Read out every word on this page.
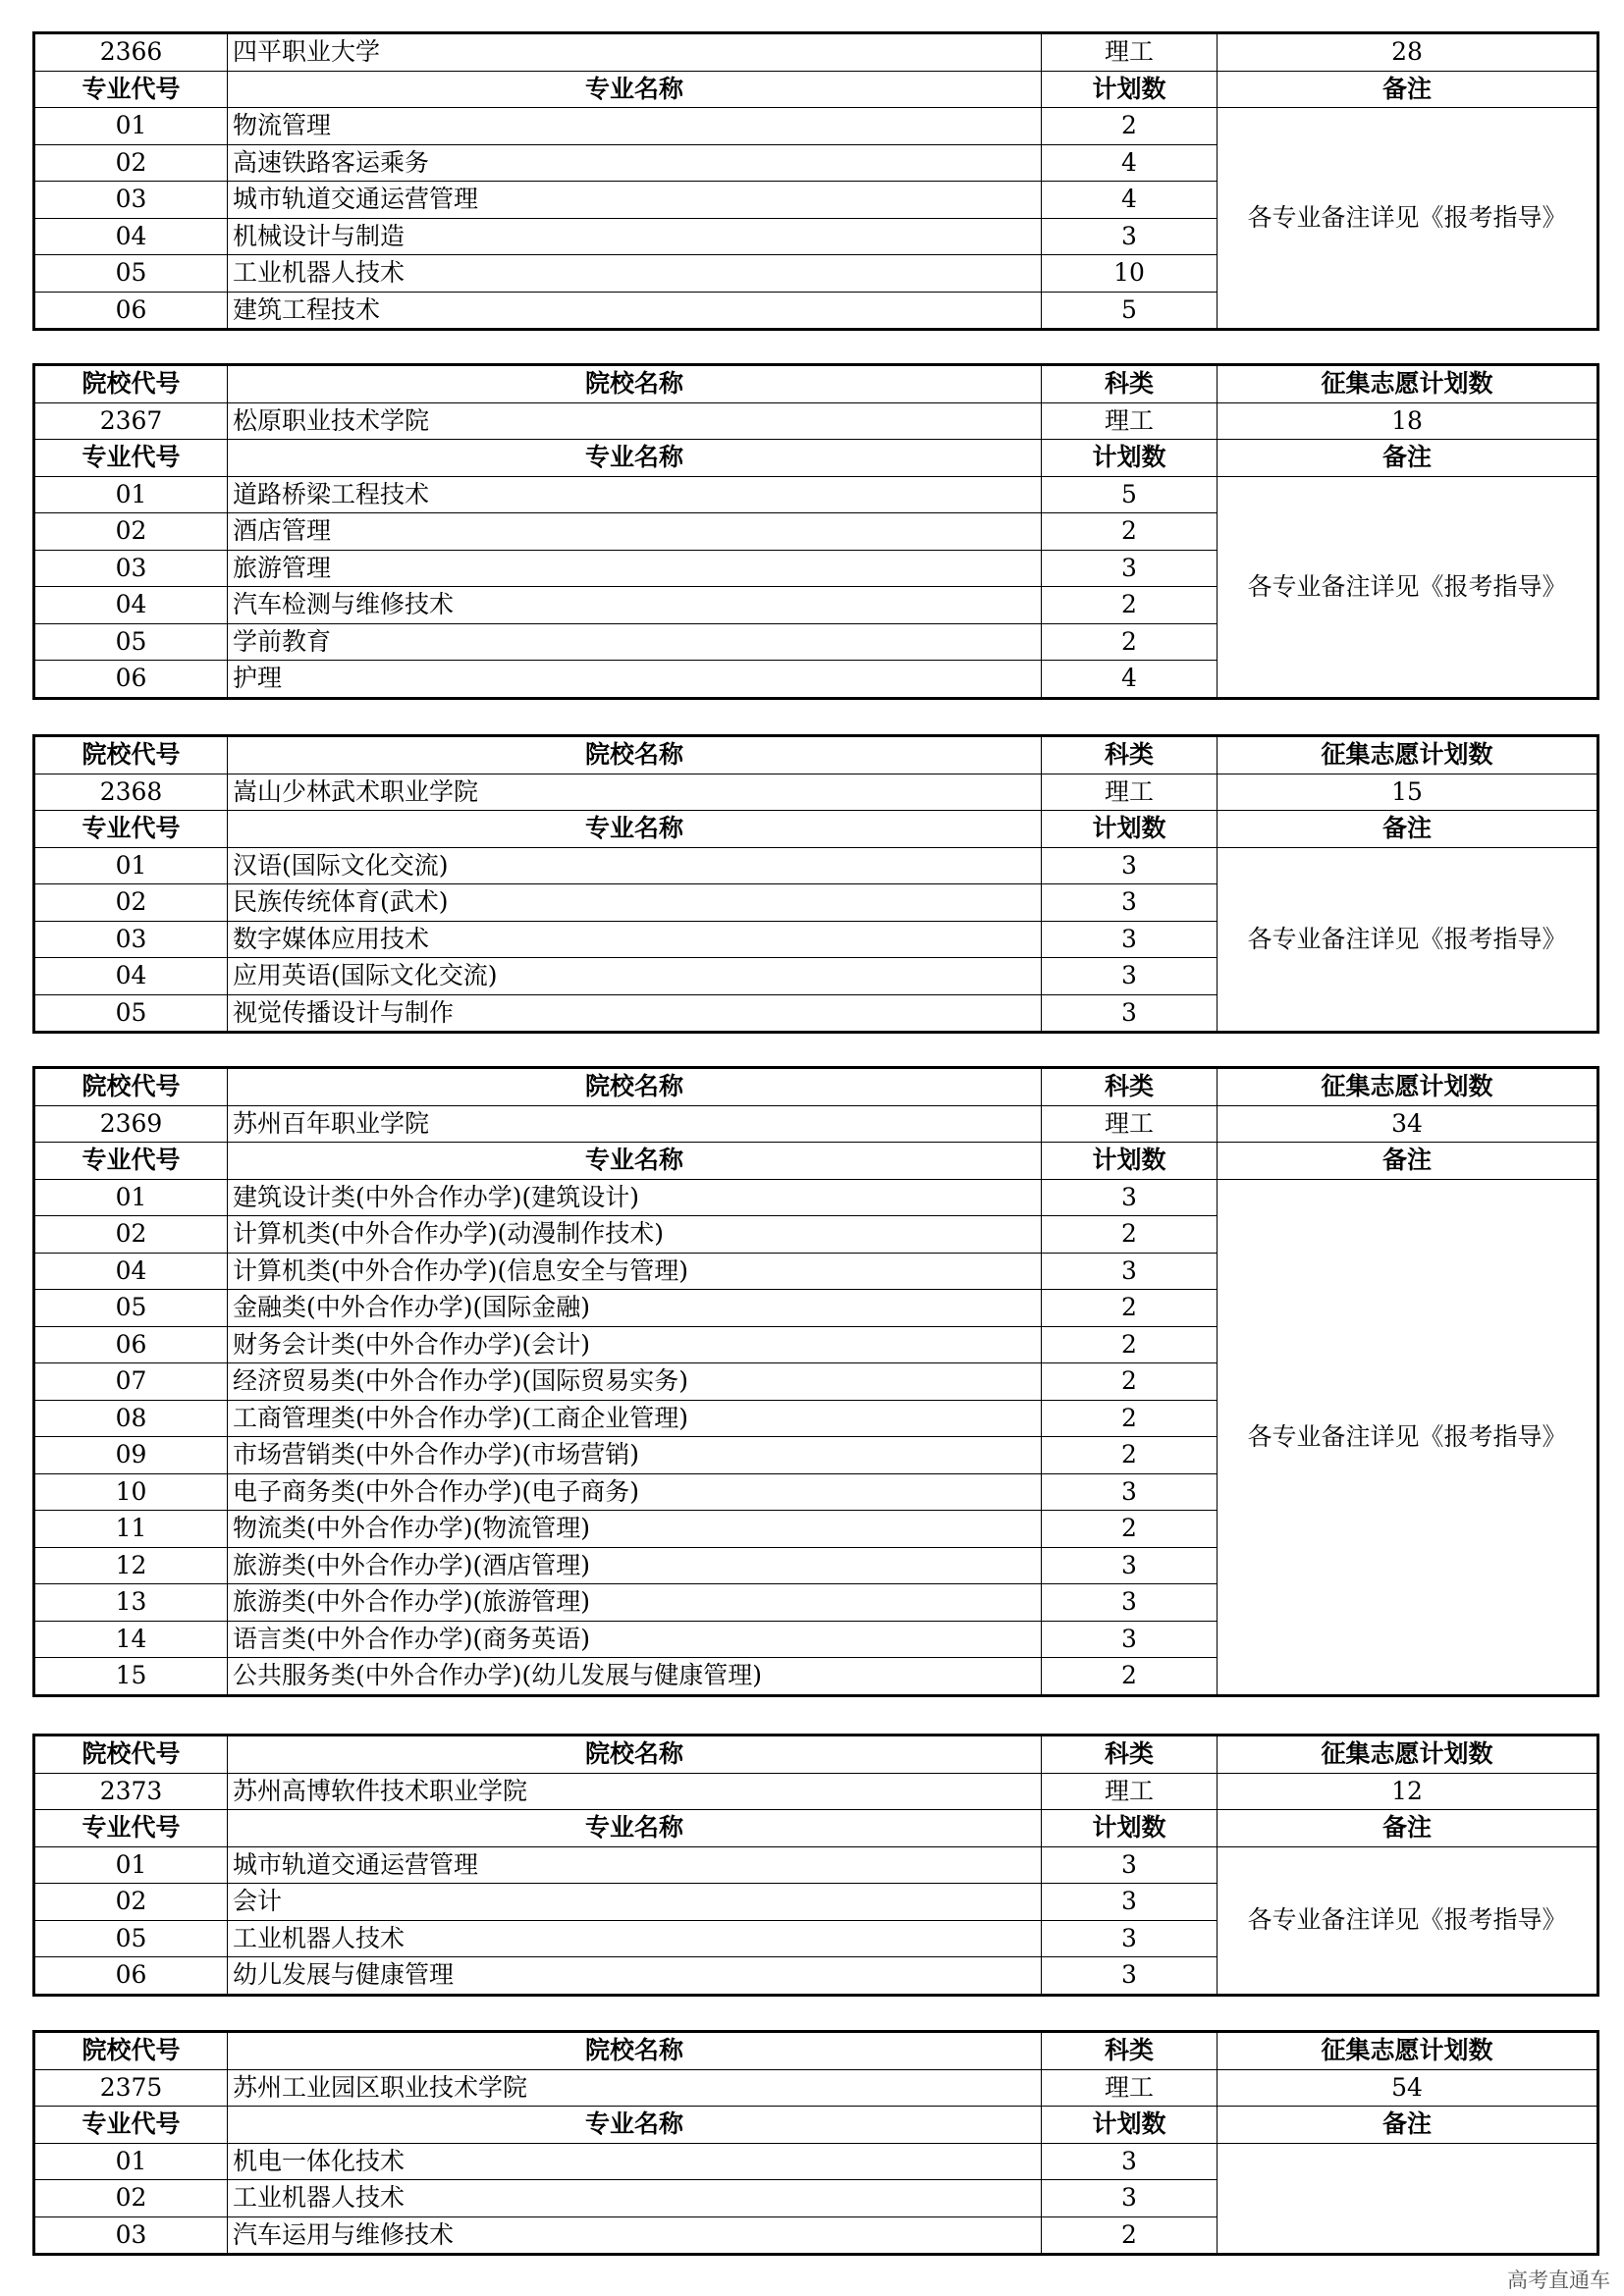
2366	四平职业大学	理工	28
专业代号	专业名称	计划数	备注
01	物流管理	2	各专业备注详见《报考指导》
02	高速铁路客运乘务	4	
03	城市轨道交通运营管理	4	
04	机械设计与制造	3	
05	工业机器人技术	10	
06	建筑工程技术	5	
院校代号	院校名称	科类	征集志愿计划数
2367	松原职业技术学院	理工	18
专业代号	专业名称	计划数	备注
01	道路桥梁工程技术	5	各专业备注详见《报考指导》
02	酒店管理	2	
03	旅游管理	3	
04	汽车检测与维修技术	2	
05	学前教育	2	
06	护理	4	
院校代号	院校名称	科类	征集志愿计划数
2368	嵩山少林武术职业学院	理工	15
专业代号	专业名称	计划数	备注
01	汉语(国际文化交流)	3	各专业备注详见《报考指导》
02	民族传统体育(武术)	3	
03	数字媒体应用技术	3	
04	应用英语(国际文化交流)	3	
05	视觉传播设计与制作	3	
院校代号	院校名称	科类	征集志愿计划数
2369	苏州百年职业学院	理工	34
专业代号	专业名称	计划数	备注
01	建筑设计类(中外合作办学)(建筑设计)	3	各专业备注详见《报考指导》
02	计算机类(中外合作办学)(动漫制作技术)	2	
04	计算机类(中外合作办学)(信息安全与管理)	3	
05	金融类(中外合作办学)(国际金融)	2	
06	财务会计类(中外合作办学)(会计)	2	
07	经济贸易类(中外合作办学)(国际贸易实务)	2	
08	工商管理类(中外合作办学)(工商企业管理)	2	
09	市场营销类(中外合作办学)(市场营销)	2	
10	电子商务类(中外合作办学)(电子商务)	3	
11	物流类(中外合作办学)(物流管理)	2	
12	旅游类(中外合作办学)(酒店管理)	3	
13	旅游类(中外合作办学)(旅游管理)	3	
14	语言类(中外合作办学)(商务英语)	3	
15	公共服务类(中外合作办学)(幼儿发展与健康管理)	2	
院校代号	院校名称	科类	征集志愿计划数
2373	苏州高博软件技术职业学院	理工	12
专业代号	专业名称	计划数	备注
01	城市轨道交通运营管理	3	各专业备注详见《报考指导》
02	会计	3	
05	工业机器人技术	3	
06	幼儿发展与健康管理	3	
院校代号	院校名称	科类	征集志愿计划数
2375	苏州工业园区职业技术学院	理工	54
专业代号	专业名称	计划数	备注
01	机电一体化技术	3	
02	工业机器人技术	3	
03	汽车运用与维修技术	2	
高考直通车
